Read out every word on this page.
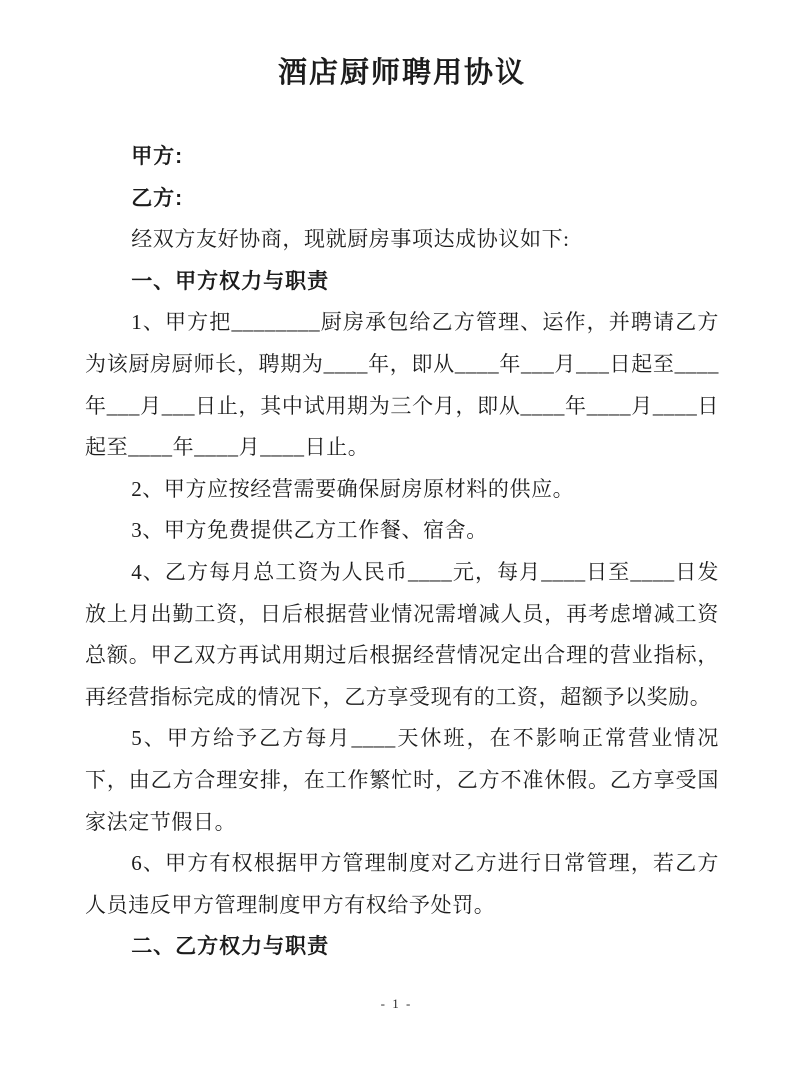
酒店厨师聘用协议

甲方:

乙方:

经双方友好协商，现就厨房事项达成协议如下:

一、甲方权力与职责

1、甲方把________厨房承包给乙方管理、运作，并聘请乙方为该厨房厨师长，聘期为____年，即从____年___月___日起至____年___月___日止，其中试用期为三个月，即从____年____月____日起至____年____月____日止。

2、甲方应按经营需要确保厨房原材料的供应。

3、甲方免费提供乙方工作餐、宿舍。

4、乙方每月总工资为人民币____元，每月____日至____日发放上月出勤工资，日后根据营业情况需增减人员，再考虑增减工资总额。甲乙双方再试用期过后根据经营情况定出合理的营业指标，再经营指标完成的情况下，乙方享受现有的工资，超额予以奖励。

5、甲方给予乙方每月____天休班，在不影响正常营业情况下，由乙方合理安排，在工作繁忙时，乙方不准休假。乙方享受国家法定节假日。

6、甲方有权根据甲方管理制度对乙方进行日常管理，若乙方人员违反甲方管理制度甲方有权给予处罚。

二、乙方权力与职责

- 1 -
